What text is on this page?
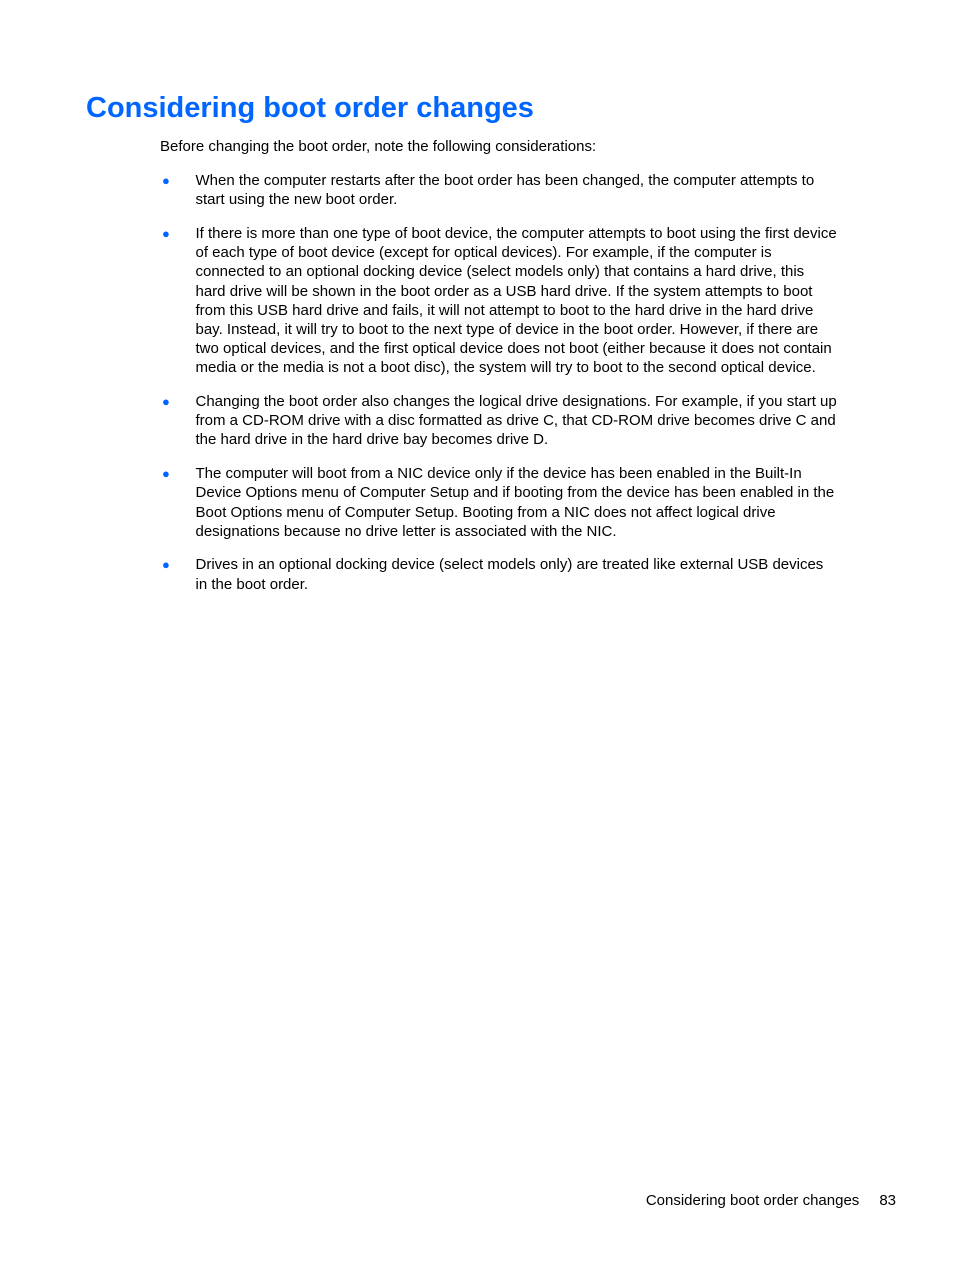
Considering boot order changes

Before changing the boot order, note the following considerations:

● When the computer restarts after the boot order has been changed, the computer attempts to
start using the new boot order.
● If there is more than one type of boot device, the computer attempts to boot using the first device
of each type of boot device (except for optical devices). For example, if the computer is
connected to an optional docking device (select models only) that contains a hard drive, this
hard drive will be shown in the boot order as a USB hard drive. If the system attempts to boot
from this USB hard drive and fails, it will not attempt to boot to the hard drive in the hard drive
bay. Instead, it will try to boot to the next type of device in the boot order. However, if there are
two optical devices, and the first optical device does not boot (either because it does not contain
media or the media is not a boot disc), the system will try to boot to the second optical device.
● Changing the boot order also changes the logical drive designations. For example, if you start up
from a CD-ROM drive with a disc formatted as drive C, that CD-ROM drive becomes drive C and
the hard drive in the hard drive bay becomes drive D.
● The computer will boot from a NIC device only if the device has been enabled in the Built-In
Device Options menu of Computer Setup and if booting from the device has been enabled in the
Boot Options menu of Computer Setup. Booting from a NIC does not affect logical drive
designations because no drive letter is associated with the NIC.
● Drives in an optional docking device (select models only) are treated like external USB devices
in the boot order.
Considering boot order changes 83
